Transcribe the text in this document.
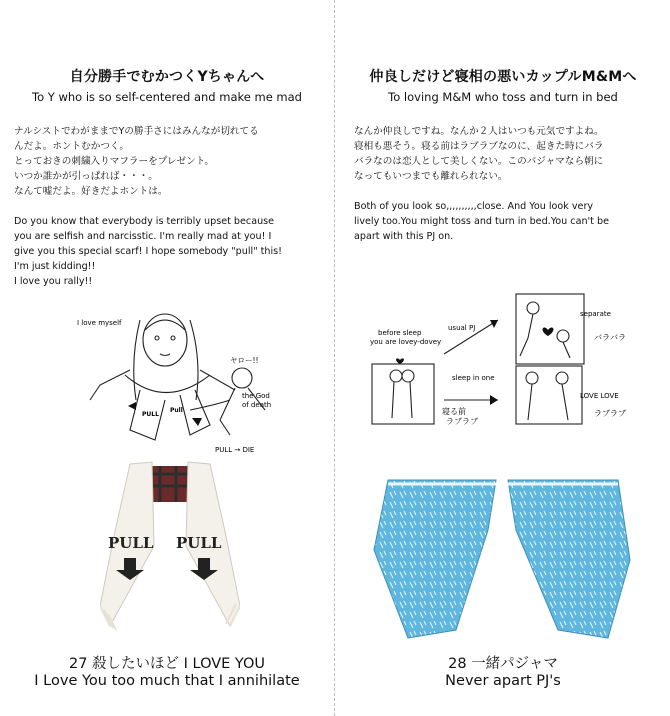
自分勝手でむかつくYちゃんへ
To Y who is so self-centered and make me mad

ナルシストでわがままでYの勝手さにはみんなが切れてる
んだよ。ホントむかつく。
とっておきの刺繍入りマフラーをプレゼント。
いつか誰かが引っぱれば・・・。
なんて嘘だよ。好きだよホントは。

Do you know that everybody is terribly upset because
you are selfish and narcisstic. I'm really mad at you! I
give you this special scarf! I hope somebody "pull" this!
I'm just kidding!!
I love you rally!!

I love myself
ヤロー!!
the God
of death
PULL
Pull
PULL → DIE
PULL PULL
27 殺したいほど I LOVE YOU
I Love You too much that I annihilate
仲良しだけど寝相の悪いカップルM&Mへ
To loving M&M who toss and turn in bed

なんか仲良しですね。なんか２人はいつも元気ですよね。
寝相も悪そう。寝る前はラブラブなのに、起きた時にバラ
バラなのは恋人として美しくない。このパジャマなら朝に
なってもいつまでも離れられない。

Both of you look so,,,,,,,,,,close. And You look very
lively too.You might toss and turn in bed.You can't be
apart with this PJ on.

usual PJ
separate
バラバラ
before sleep
you are lovey-dovey
sleep in one
LOVE LOVE
ラブラブ
寝る前
ラブラブ
28 一緒パジャマ
Never apart PJ's
